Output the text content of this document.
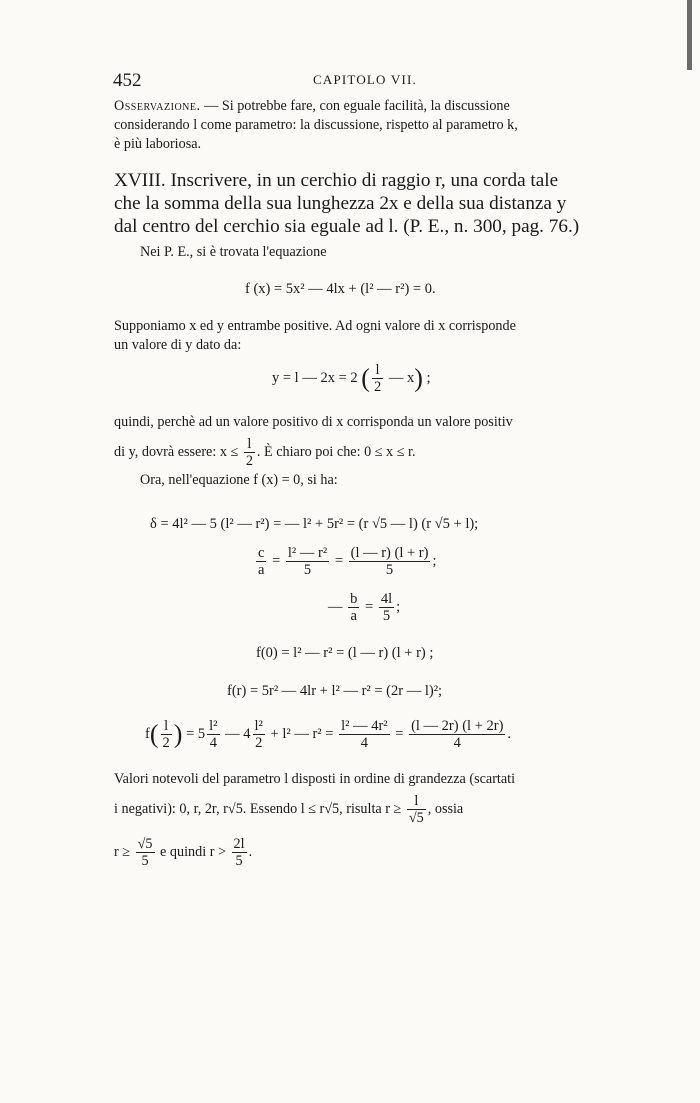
452	CAPITOLO VII.
Osservazione. — Si potrebbe fare, con eguale facilità, la discussione
considerando l come parametro: la discussione, rispetto al parametro k,
è più laboriosa.
XVIII. Inscrivere, in un cerchio di raggio r, una corda tale
che la somma della sua lunghezza 2x e della sua distanza y
dal centro del cerchio sia eguale ad l. (P. E., n. 300, pag. 76.)
Nei P. E., si è trovata l'equazione
f (x) = 5x² — 4lx + (l² — r²) = 0.
Supponiamo x ed y entrambe positive. Ad ogni valore di x corrisponde
un valore di y dato da:
y = l — 2x = 2 ( $\frac{l}{2}$ — x) ;
quindi, perchè ad un valore positivo di x corrisponda un valore positiv
di y, dovrà essere: $x \le \frac{l}{2}$ . È chiaro poi che: 0 ≤ x ≤ r.
Ora, nell'equazione f (x) = 0, si ha:
δ = 4l² — 5 (l² — r²) = — l² + 5r² = (r √5 — l) (r √5 + l);
$\frac{c}{a} = \frac{\text{l² — r²}}{5} = \frac{(l — r) (l + r)}{5}$ ;
— $\frac{b}{a} = \frac{4l}{5}$ ;
f(0) = l² — r² = (l — r) (l + r) ;
f(r) = 5r² — 4lr + l² — r² = (2r — l)²;
$f( \frac{l}{2}$ ) = $5 \frac{\text{l²}}{4}$ — $4 \frac{\text{l²}}{2} + l^2$ — $r^2 = \frac{\text{l² — 4r²}}{4} = \frac{(l — 2r) (l + 2r)}{4}$ .
Valori notevoli del parametro l disposti in ordine di grandezza (scartati
i negativi): 0, r, 2r, r√5. Essendo l ≤ r√5, risulta $r \ge \frac{l}{√5}$ , ossia
$r \ge \frac{√5}{5}$ e quindi $r > \frac{2l}{5}$ .
